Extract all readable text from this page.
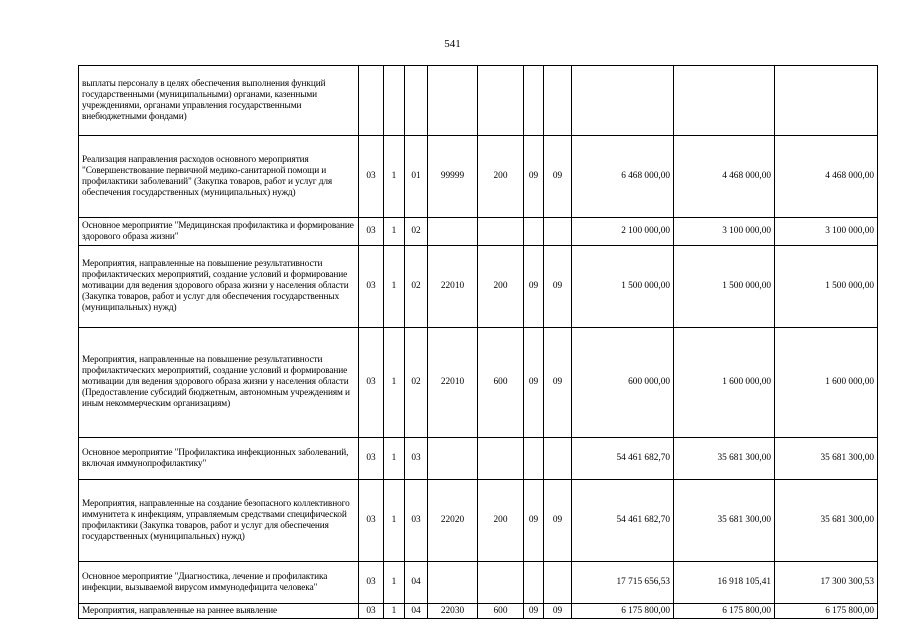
541
выплаты персоналу в целях обеспечения выполнения функций государственными (муниципальными) органами, казенными учреждениями, органами управления государственными внебюджетными фондами)										
Реализация направления расходов основного мероприятия "Совершенствование первичной медико-санитарной помощи и профилактики заболеваний" (Закупка товаров, работ и услуг для обеспечения государственных (муниципальных) нужд)	03	1	01	99999	200	09	09	6 468 000,00	4 468 000,00	4 468 000,00
Основное мероприятие "Медицинская профилактика и формирование здорового образа жизни"	03	1	02					2 100 000,00	3 100 000,00	3 100 000,00
Мероприятия, направленные на повышение результативности профилактических мероприятий, создание условий и формирование мотивации для ведения здорового образа жизни у населения области (Закупка товаров, работ и услуг для обеспечения государственных (муниципальных) нужд)	03	1	02	22010	200	09	09	1 500 000,00	1 500 000,00	1 500 000,00
Мероприятия, направленные на повышение результативности профилактических мероприятий, создание условий и формирование мотивации для ведения здорового образа жизни у населения области (Предоставление субсидий бюджетным, автономным учреждениям и иным некоммерческим организациям)	03	1	02	22010	600	09	09	600 000,00	1 600 000,00	1 600 000,00
Основное мероприятие "Профилактика инфекционных заболеваний, включая иммунопрофилактику"	03	1	03					54 461 682,70	35 681 300,00	35 681 300,00
Мероприятия, направленные на создание безопасного коллективного иммунитета к инфекциям, управляемым средствами специфической профилактики (Закупка товаров, работ и услуг для обеспечения государственных (муниципальных) нужд)	03	1	03	22020	200	09	09	54 461 682,70	35 681 300,00	35 681 300,00
Основное мероприятие "Диагностика, лечение и профилактика инфекции, вызываемой вирусом иммунодефицита человека"	03	1	04					17 715 656,53	16 918 105,41	17 300 300,53
Мероприятия, направленные на раннее выявление	03	1	04	22030	600	09	09	6 175 800,00	6 175 800,00	6 175 800,00
